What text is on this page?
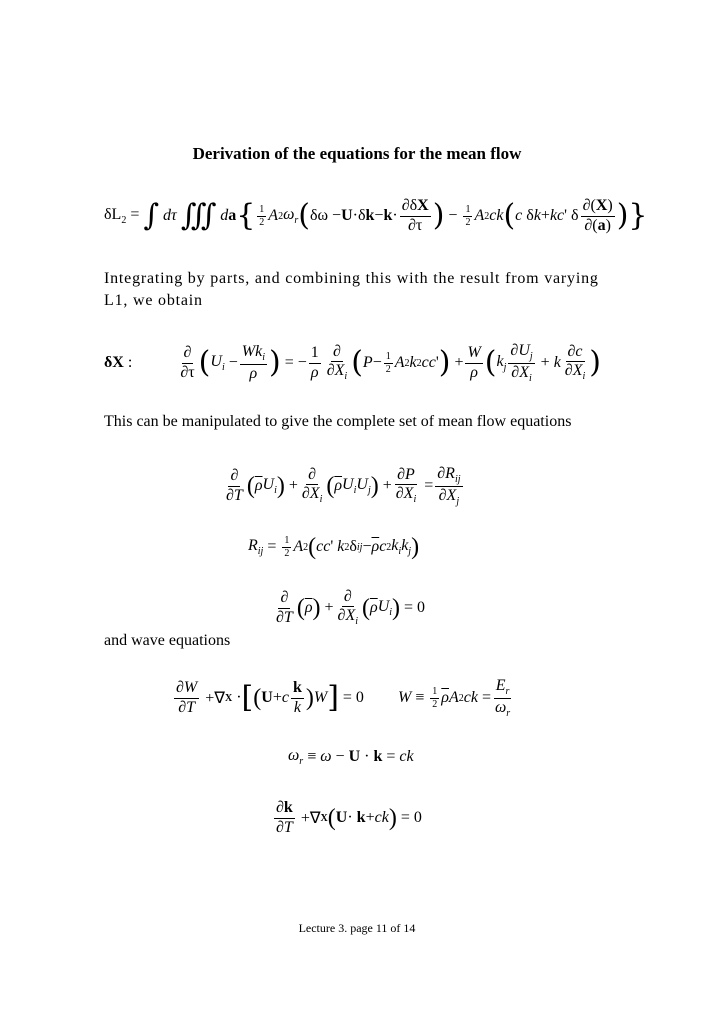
Derivation of the equations for the mean flow
$\delta L_2$ = ∫ dτ ∭ d a { 1
2 A 2 $\omega_r$ ( δω − U ·δ k − k ·
∂δX
∂τ ) − 1
2 A 2 ck ( c δ k + kc ' δ
∂(X)
∂(a) ) }
Integrating by parts, and combining this with the result from varying L1, we obtain
δX :
∂
∂τ ( $U_i$ −
$Wk_i$
$\overline{\rho}$ ) = −
1
$\overline{\rho}$
∂
$\partial X_i$ ( P − 1
2 A 2 k 2 cc ' ) +
W
$\overline{\rho}$ ( $k_j$
$\partial U_j$
$\partial X_i$
+ k
∂c
$\partial X_i$ )
This can be manipulated to give the complete set of mean flow equations
∂
∂T ( $\overline{\rho}$ $U_i$ ) +
∂
$\partial X_i$
( $\overline{\rho}$ $U_iU_j$ ) +
∂P
$\partial X_i$
=
$\partial R_{ij}$
$\partial X_j$
$R_{ij} = 1$
2 A 2 ( cc ' k 2 δ ij − $\overline{\rho}$ c 2 $k_ik_j$ )
∂
∂T ( $\overline{\rho}$ ) +
∂
$\partial X_i$
( $\overline{\rho}$ $U_i$ ) = 0
and wave equations
∂W
∂T +∇ X · [ ( U + c
k
k ) W ] = 0 W ≡ 1
2 $\overline{\rho}$ A 2 ck =
$E_r$
$\omega_r$
$\omega_r \equiv \omega - U \cdot k$ = ck
∂k
∂T +∇ X ( U · k + ck ) = 0
Lecture 3. page 11 of 14
